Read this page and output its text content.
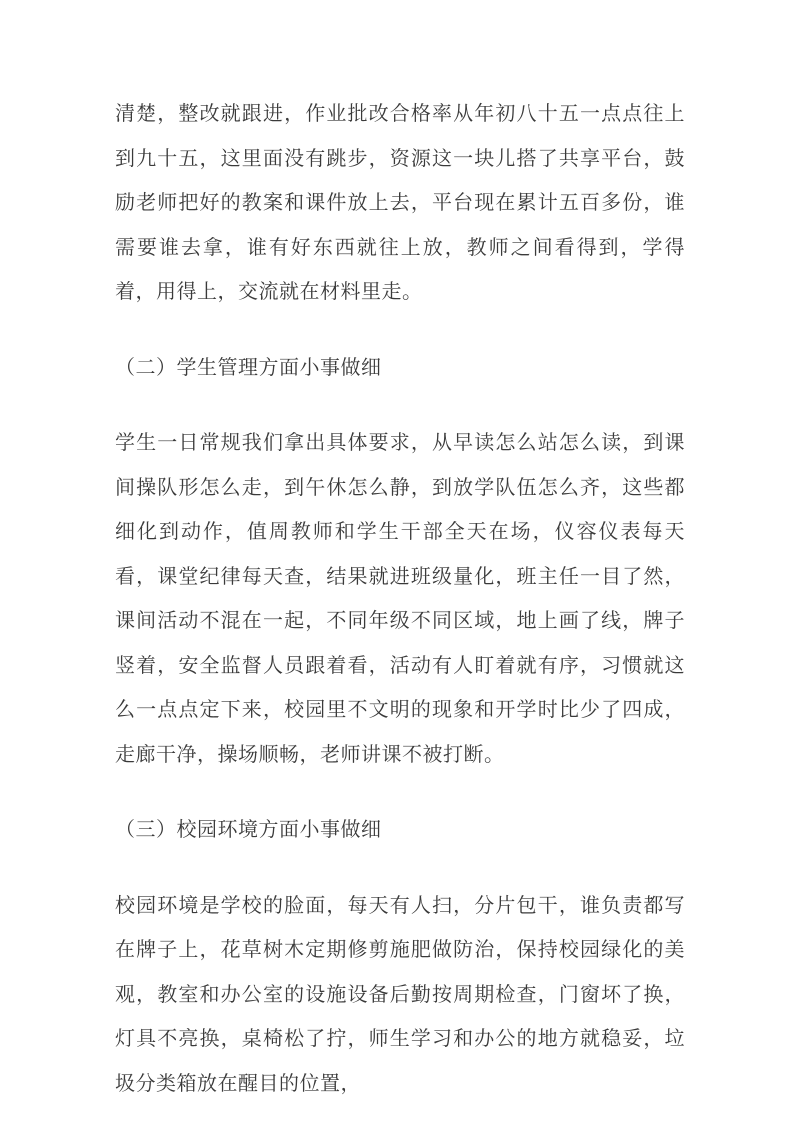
清楚，整改就跟进，作业批改合格率从年初八十五一点点往上到九十五，这里面没有跳步，资源这一块儿搭了共享平台，鼓励老师把好的教案和课件放上去，平台现在累计五百多份，谁需要谁去拿，谁有好东西就往上放，教师之间看得到，学得着，用得上，交流就在材料里走。

（二）学生管理方面小事做细

学生一日常规我们拿出具体要求，从早读怎么站怎么读，到课间操队形怎么走，到午休怎么静，到放学队伍怎么齐，这些都细化到动作，值周教师和学生干部全天在场，仪容仪表每天看，课堂纪律每天查，结果就进班级量化，班主任一目了然，课间活动不混在一起，不同年级不同区域，地上画了线，牌子竖着，安全监督人员跟着看，活动有人盯着就有序，习惯就这么一点点定下来，校园里不文明的现象和开学时比少了四成，走廊干净，操场顺畅，老师讲课不被打断。

（三）校园环境方面小事做细

校园环境是学校的脸面，每天有人扫，分片包干，谁负责都写在牌子上，花草树木定期修剪施肥做防治，保持校园绿化的美观，教室和办公室的设施设备后勤按周期检查，门窗坏了换，灯具不亮换，桌椅松了拧，师生学习和办公的地方就稳妥，垃圾分类箱放在醒目的位置，
